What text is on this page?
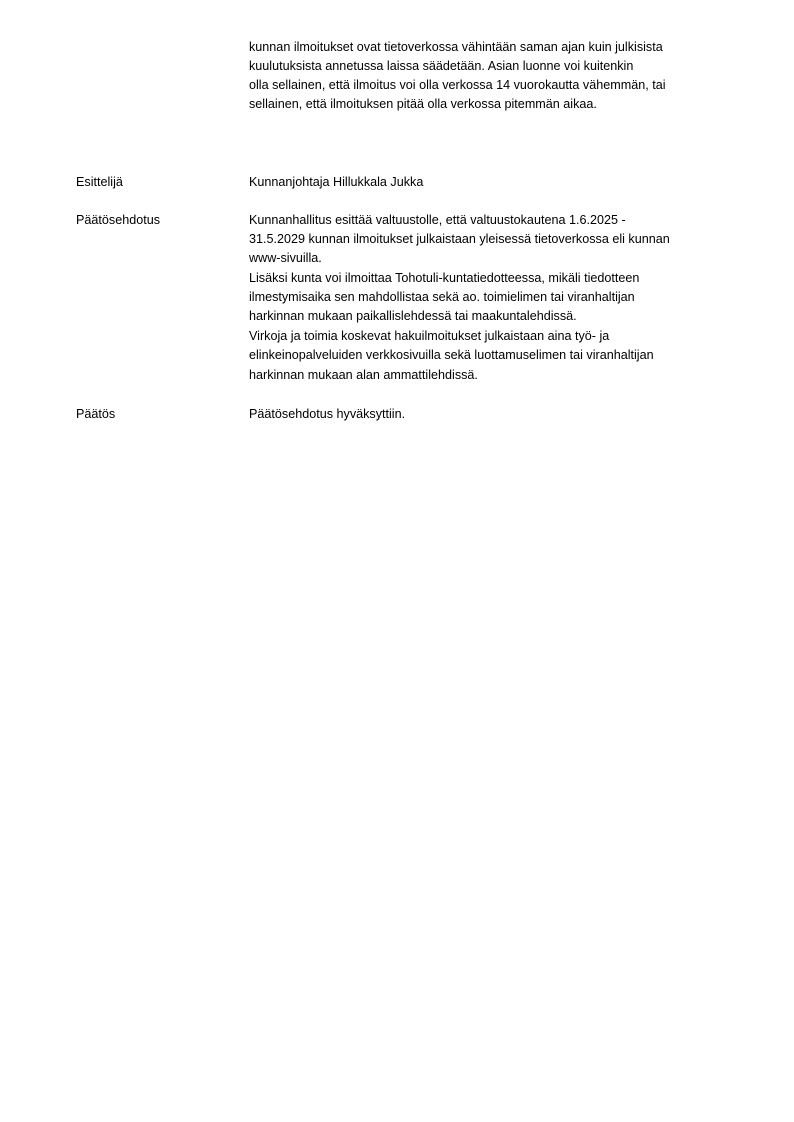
kunnan ilmoitukset ovat tietoverkossa vähintään saman ajan kuin julkisista

kuulutuksista annetussa laissa säädetään. Asian luonne voi kuitenkin

olla sellainen, että ilmoitus voi olla verkossa 14 vuorokautta vähemmän, tai

sellainen, että ilmoituksen pitää olla verkossa pitemmän aikaa.

Esittelijä	Kunnanjohtaja Hillukkala Jukka

Päätösehdotus	Kunnanhallitus esittää valtuustolle, että valtuustokautena 1.6.2025 -

31.5.2029 kunnan ilmoitukset julkaistaan yleisessä tietoverkossa eli kunnan

www-sivuilla.

Lisäksi kunta voi ilmoittaa Tohotuli-kuntatiedotteessa, mikäli tiedotteen

ilmestymisaika sen mahdollistaa sekä ao. toimielimen tai viranhaltijan

harkinnan mukaan paikallislehdessä tai maakuntalehdissä.

Virkoja ja toimia koskevat hakuilmoitukset julkaistaan aina työ- ja

elinkeinopalveluiden verkkosivuilla sekä luottamuselimen tai viranhaltijan

harkinnan mukaan alan ammattilehdissä.

Päätös	Päätösehdotus hyväksyttiin.
